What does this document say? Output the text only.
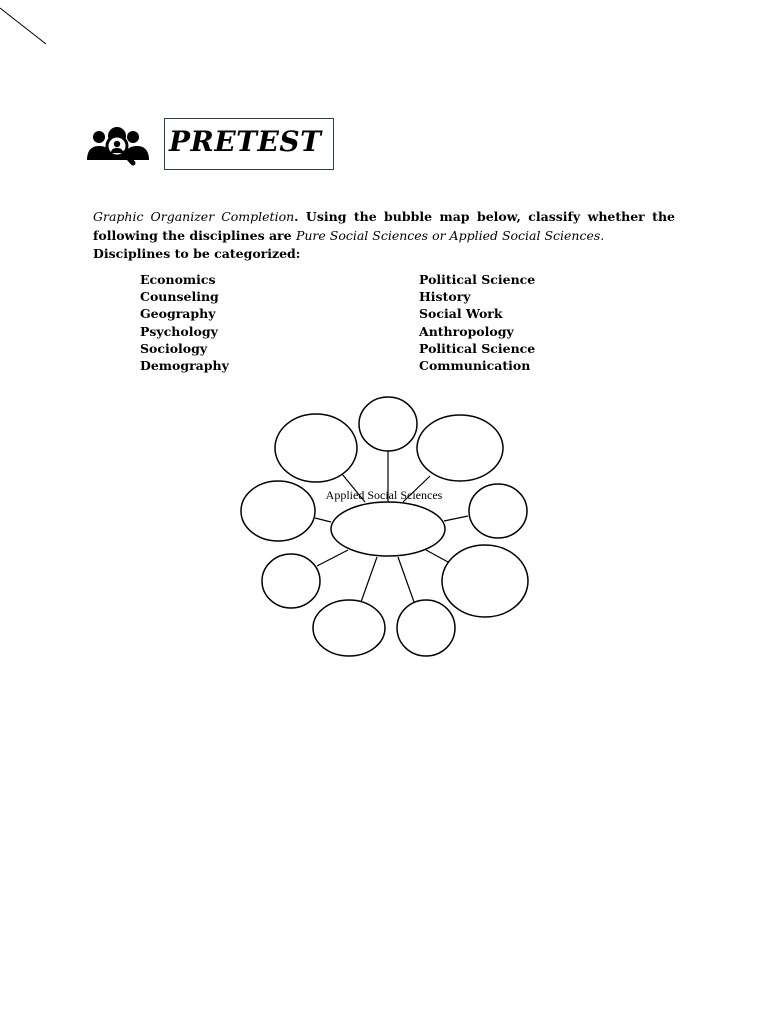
PRETEST
Graphic Organizer Completion. Using the bubble map below, classify whether the following the disciplines are Pure Social Sciences or Applied Social Sciences.
Disciplines to be categorized:
Economics
Counseling
Geography
Psychology
Sociology
Demography
Political Science
History
Social Work
Anthropology
Political Science
Communication
Applied Social Sciences
